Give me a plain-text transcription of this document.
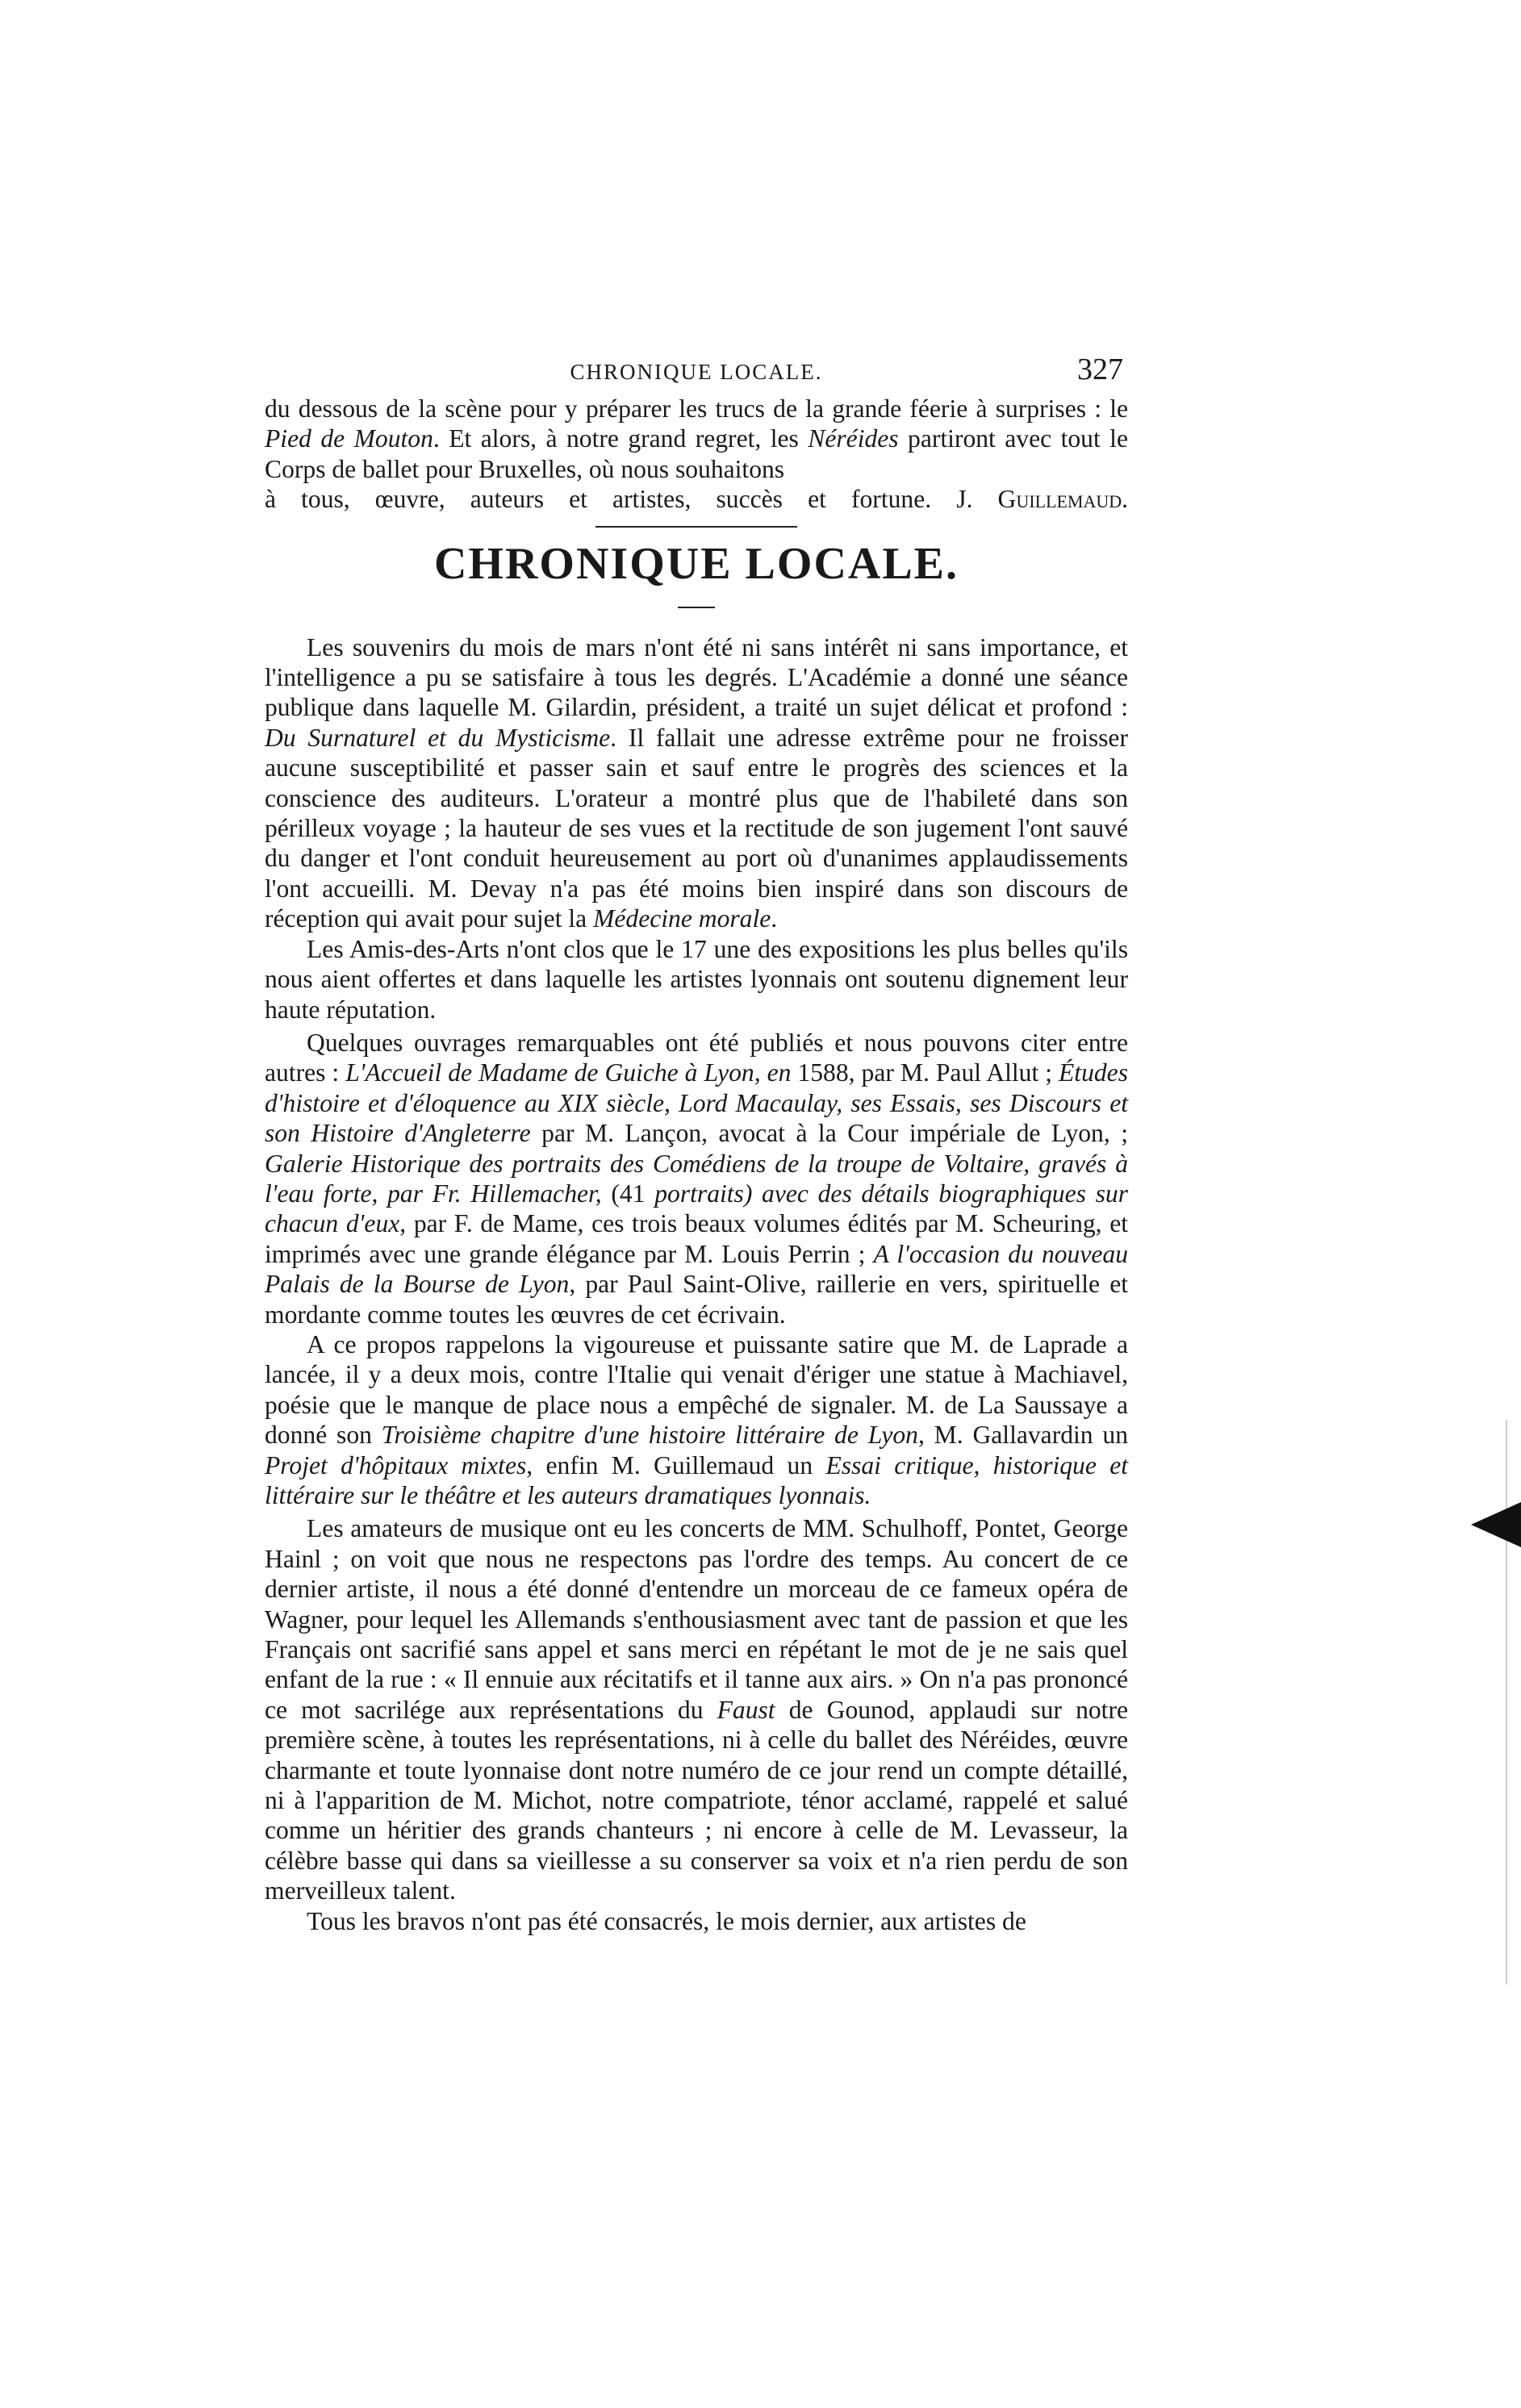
CHRONIQUE LOCALE.	327

du dessous de la scène pour y préparer les trucs de la grande féerie à surprises : le Pied de Mouton. Et alors, à notre grand regret, les Néréides partiront avec tout le Corps de ballet pour Bruxelles, où nous souhaitons

à tous, œuvre, auteurs et artistes, succès et fortune. J. Guillemaud.

CHRONIQUE LOCALE.

Les souvenirs du mois de mars n'ont été ni sans intérêt ni sans importance, et l'intelligence a pu se satisfaire à tous les degrés. L'Académie a donné une séance publique dans laquelle M. Gilardin, président, a traité un sujet délicat et profond : Du Surnaturel et du Mysticisme. Il fallait une adresse extrême pour ne froisser aucune susceptibilité et passer sain et sauf entre le progrès des sciences et la conscience des auditeurs. L'orateur a montré plus que de l'habileté dans son périlleux voyage ; la hauteur de ses vues et la rectitude de son jugement l'ont sauvé du danger et l'ont conduit heureusement au port où d'unanimes applaudissements l'ont accueilli. M. Devay n'a pas été moins bien inspiré dans son discours de réception qui avait pour sujet la Médecine morale.

Les Amis-des-Arts n'ont clos que le 17 une des expositions les plus belles qu'ils nous aient offertes et dans laquelle les artistes lyonnais ont soutenu dignement leur haute réputation.

Quelques ouvrages remarquables ont été publiés et nous pouvons citer entre autres : L'Accueil de Madame de Guiche à Lyon, en 1588, par M. Paul Allut ; Études d'histoire et d'éloquence au XIX siècle, Lord Macaulay, ses Essais, ses Discours et son Histoire d'Angleterre par M. Lançon, avocat à la Cour impériale de Lyon, ; Galerie Historique des portraits des Comédiens de la troupe de Voltaire, gravés à l'eau forte, par Fr. Hillemacher, (41 portraits) avec des détails biographiques sur chacun d'eux, par F. de Mame, ces trois beaux volumes édités par M. Scheuring, et imprimés avec une grande élégance par M. Louis Perrin ; A l'occasion du nouveau Palais de la Bourse de Lyon, par Paul Saint-Olive, raillerie en vers, spirituelle et mordante comme toutes les œuvres de cet écrivain.

A ce propos rappelons la vigoureuse et puissante satire que M. de Laprade a lancée, il y a deux mois, contre l'Italie qui venait d'ériger une statue à Machiavel, poésie que le manque de place nous a empêché de signaler. M. de La Saussaye a donné son Troisième chapitre d'une histoire littéraire de Lyon, M. Gallavardin un Projet d'hôpitaux mixtes, enfin M. Guillemaud un Essai critique, historique et littéraire sur le théâtre et les auteurs dramatiques lyonnais.

Les amateurs de musique ont eu les concerts de MM. Schulhoff, Pontet, George Hainl ; on voit que nous ne respectons pas l'ordre des temps. Au concert de ce dernier artiste, il nous a été donné d'entendre un morceau de ce fameux opéra de Wagner, pour lequel les Allemands s'enthousiasment avec tant de passion et que les Français ont sacrifié sans appel et sans merci en répétant le mot de je ne sais quel enfant de la rue : « Il ennuie aux récitatifs et il tanne aux airs. » On n'a pas prononcé ce mot sacrilége aux représentations du Faust de Gounod, applaudi sur notre première scène, à toutes les représentations, ni à celle du ballet des Néréides, œuvre charmante et toute lyonnaise dont notre numéro de ce jour rend un compte détaillé, ni à l'apparition de M. Michot, notre compatriote, ténor acclamé, rappelé et salué comme un héritier des grands chanteurs ; ni encore à celle de M. Levasseur, la célèbre basse qui dans sa vieillesse a su conserver sa voix et n'a rien perdu de son merveilleux talent.

Tous les bravos n'ont pas été consacrés, le mois dernier, aux artistes de
